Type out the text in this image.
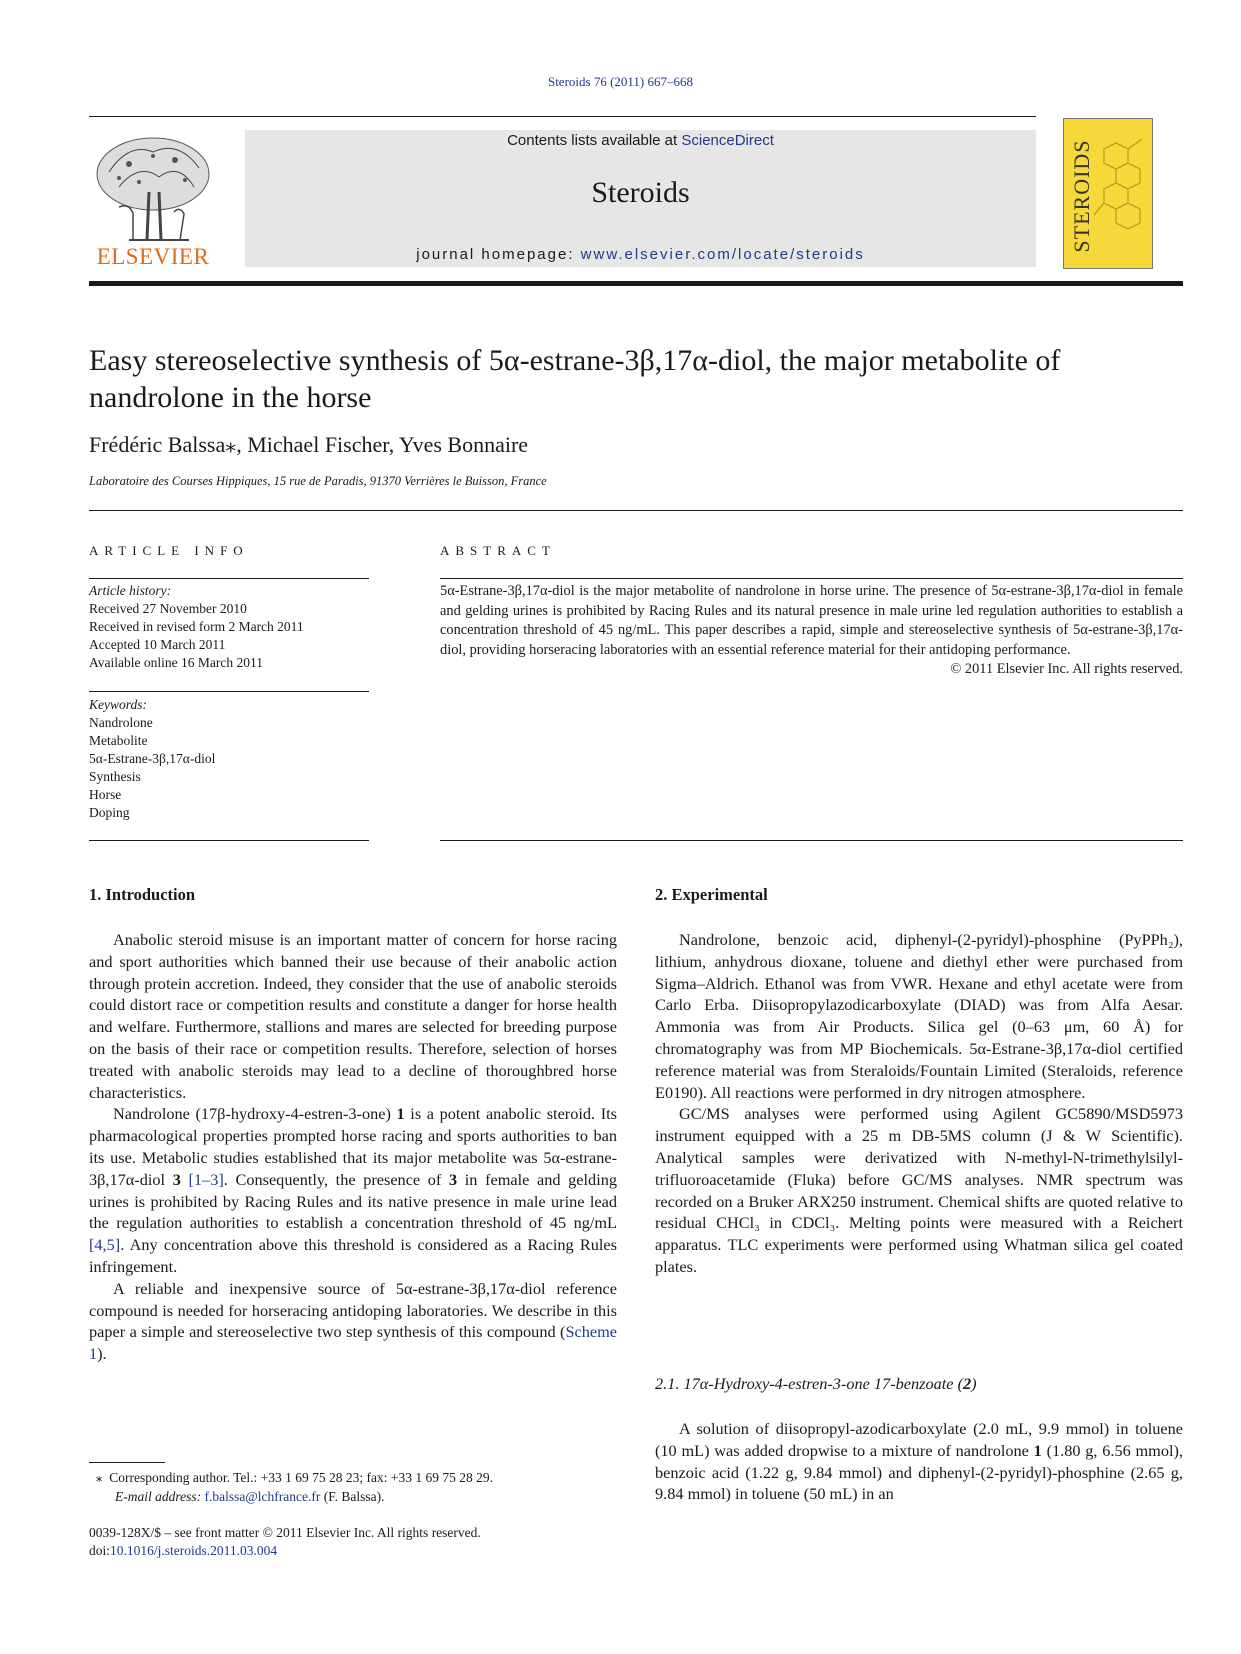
Steroids 76 (2011) 667–668
ELSEVIER
Contents lists available at ScienceDirect
Steroids
journal homepage: www.elsevier.com/locate/steroids
STEROIDS
Easy stereoselective synthesis of 5α-estrane-3β,17α-diol, the major metabolite of nandrolone in the horse
Frédéric Balssa⁎, Michael Fischer, Yves Bonnaire
Laboratoire des Courses Hippiques, 15 rue de Paradis, 91370 Verrières le Buisson, France
ARTICLE INFO	ABSTRACT
Article history:
Received 27 November 2010
Received in revised form 2 March 2011
Accepted 10 March 2011
Available online 16 March 2011
Keywords:
Nandrolone
Metabolite
5α-Estrane-3β,17α-diol
Synthesis
Horse
Doping
5α-Estrane-3β,17α-diol is the major metabolite of nandrolone in horse urine. The presence of 5α-estrane-3β,17α-diol in female and gelding urines is prohibited by Racing Rules and its natural presence in male urine led regulation authorities to establish a concentration threshold of 45 ng/mL. This paper describes a rapid, simple and stereoselective synthesis of 5α-estrane-3β,17α-diol, providing horseracing laboratories with an essential reference material for their antidoping performance.
© 2011 Elsevier Inc. All rights reserved.
1. Introduction

Anabolic steroid misuse is an important matter of concern for horse racing and sport authorities which banned their use because of their anabolic action through protein accretion. Indeed, they consider that the use of anabolic steroids could distort race or competition results and constitute a danger for horse health and welfare. Furthermore, stallions and mares are selected for breeding purpose on the basis of their race or competition results. Therefore, selection of horses treated with anabolic steroids may lead to a decline of thoroughbred horse characteristics.

Nandrolone (17β-hydroxy-4-estren-3-one) 1 is a potent anabolic steroid. Its pharmacological properties prompted horse racing and sports authorities to ban its use. Metabolic studies established that its major metabolite was 5α-estrane-3β,17α-diol 3 [1–3]. Consequently, the presence of 3 in female and gelding urines is prohibited by Racing Rules and its native presence in male urine lead the regulation authorities to establish a concentration threshold of 45 ng/mL [4,5]. Any concentration above this threshold is considered as a Racing Rules infringement.

A reliable and inexpensive source of 5α-estrane-3β,17α-diol reference compound is needed for horseracing antidoping laboratories. We describe in this paper a simple and stereoselective two step synthesis of this compound (Scheme 1).

2. Experimental

Nandrolone, benzoic acid, diphenyl-(2-pyridyl)-phosphine (PyPPh₂), lithium, anhydrous dioxane, toluene and diethyl ether were purchased from Sigma–Aldrich. Ethanol was from VWR. Hexane and ethyl acetate were from Carlo Erba. Diisopropylazodicarboxylate (DIAD) was from Alfa Aesar. Ammonia was from Air Products. Silica gel (0–63 μm, 60 Å) for chromatography was from MP Biochemicals. 5α-Estrane-3β,17α-diol certified reference material was from Steraloids/Fountain Limited (Steraloids, reference E0190). All reactions were performed in dry nitrogen atmosphere.

GC/MS analyses were performed using Agilent GC5890/MSD5973 instrument equipped with a 25 m DB-5MS column (J & W Scientific). Analytical samples were derivatized with N-methyl-N-trimethylsilyl-trifluoroacetamide (Fluka) before GC/MS analyses. NMR spectrum was recorded on a Bruker ARX250 instrument. Chemical shifts are quoted relative to residual CHCl₃ in CDCl₃. Melting points were measured with a Reichert apparatus. TLC experiments were performed using Whatman silica gel coated plates.

2.1. 17α-Hydroxy-4-estren-3-one 17-benzoate (2)

A solution of diisopropyl-azodicarboxylate (2.0 mL, 9.9 mmol) in toluene (10 mL) was added dropwise to a mixture of nandrolone 1 (1.80 g, 6.56 mmol), benzoic acid (1.22 g, 9.84 mmol) and diphenyl-(2-pyridyl)-phosphine (2.65 g, 9.84 mmol) in toluene (50 mL) in an

⁎ Corresponding author. Tel.: +33 1 69 75 28 23; fax: +33 1 69 75 28 29.
E-mail address: f.balssa@lchfrance.fr (F. Balssa).
0039-128X/$ – see front matter © 2011 Elsevier Inc. All rights reserved.
doi:10.1016/j.steroids.2011.03.004
